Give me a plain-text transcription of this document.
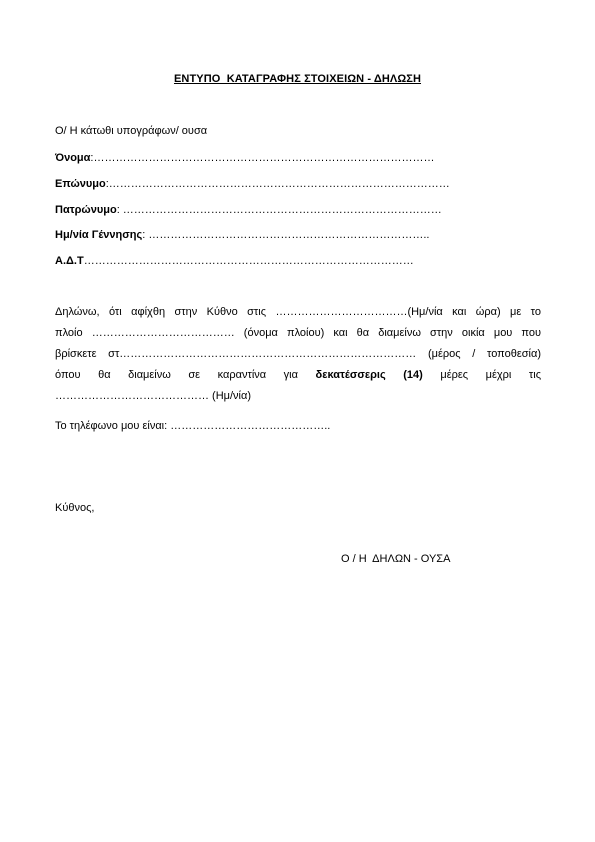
ΕΝΤΥΠΟ  ΚΑΤΑΓΡΑΦΗΣ ΣΤΟΙΧΕΙΩΝ - ΔΗΛΩΣΗ
Ο/ Η κάτωθι υπογράφων/ ουσα
Όνομα:…………………………………………………………………………………
Επώνυμο:…………………………………………………………………………………
Πατρώνυμο: ……………………………………………………………………………
Ημ/νία Γέννησης: …………………………………………………………………..
Α.Δ.Τ………………………………………………………………………………
Δηλώνω, ότι αφίχθη στην Κύθνο στις ………………………………(Ημ/νία και ώρα) με το
πλοίο ………………………………… (όνομα πλοίου) και θα διαμείνω στην οικία μου που
βρίσκετε στ……………………………………………………………………… (μέρος / τοποθεσία)
όπου θα διαμείνω σε καραντίνα για δεκατέσσερις (14) μέρες μέχρι τις
…………………………………… (Ημ/νία)
Το τηλέφωνο μου είναι: ……………………………………..
Κύθνος,
Ο / Η  ΔΗΛΩΝ - ΟΥΣΑ
